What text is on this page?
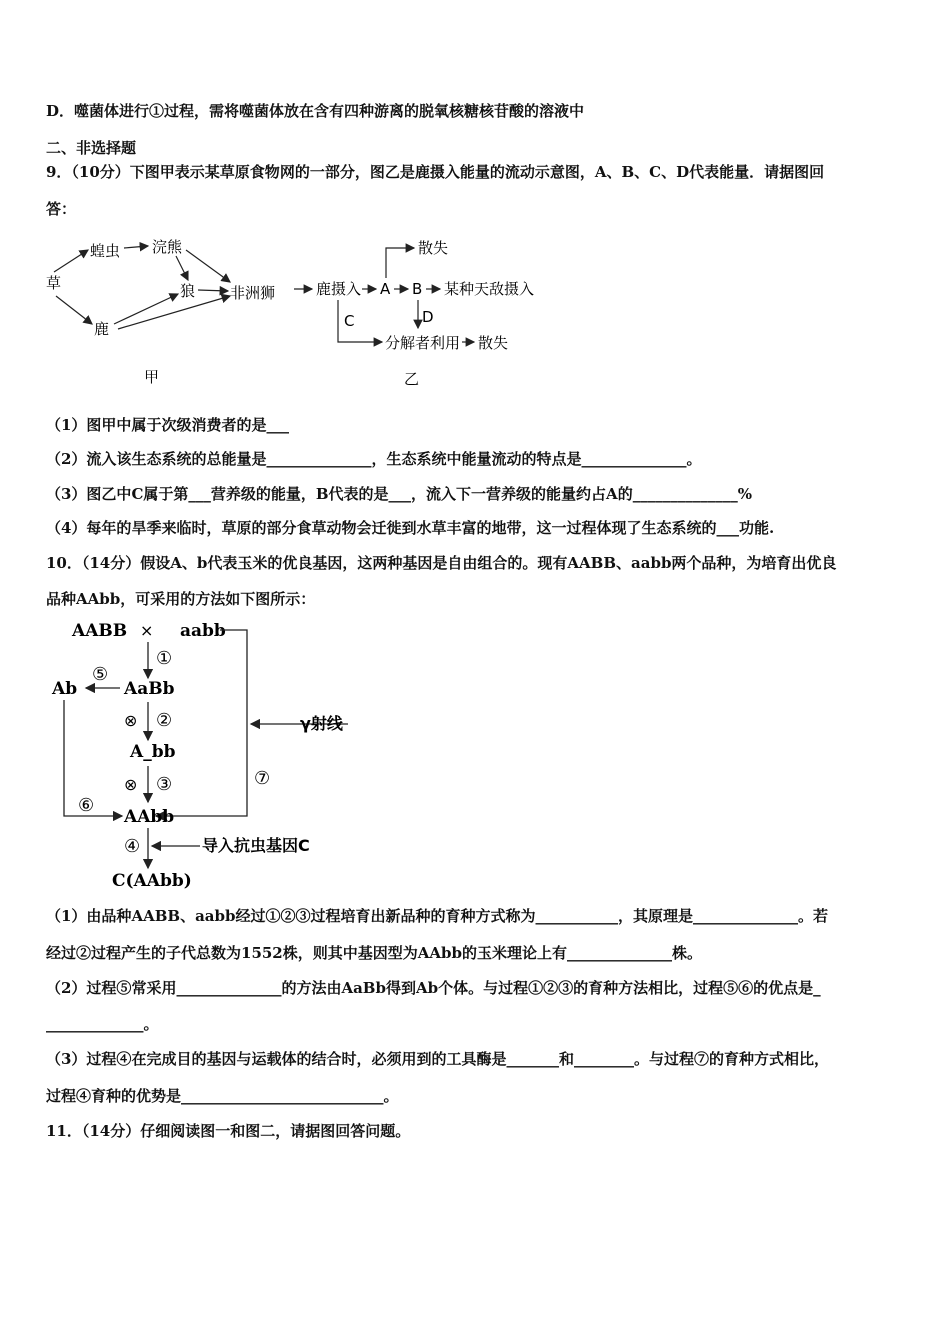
D．噬菌体进行①过程，需将噬菌体放在含有四种游离的脱氧核糖核苷酸的溶液中
二、非选择题
9．（10分）下图甲表示某草原食物网的一部分，图乙是鹿摄入能量的流动示意图，A、B、C、D代表能量．请据图回
答：
草
蝗虫 浣熊
狼 非洲狮
鹿
甲
鹿摄入 A B 某种天敌摄入
散失
C	D
分解者利用 散失
乙
（1）图甲中属于次级消费者的是___
（2）流入该生态系统的总能量是______________，生态系统中能量流动的特点是______________。
（3）图乙中C属于第___营养级的能量，B代表的是___，流入下一营养级的能量约占A的______________%
（4）每年的旱季来临时，草原的部分食草动物会迁徙到水草丰富的地带，这一过程体现了生态系统的___功能.
10．（14分）假设A、b代表玉米的优良基因，这两种基因是自由组合的。现有AABB、aabb两个品种，为培育出优良
品种AAbb，可采用的方法如下图所示：
AABB × aabb
⑦
γ射线
①
AaBb
⑤
Ab
⑥
⊗ ②
A_bb
⊗ ③
AAbb
④	导入抗虫基因C
C(AAbb)
（1）由品种AABB、aabb经过①②③过程培育出新品种的育种方式称为___________，其原理是______________。若
经过②过程产生的子代总数为1552株，则其中基因型为AAbb的玉米理论上有______________株。
（2）过程⑤常采用______________的方法由AaBb得到Ab个体。与过程①②③的育种方法相比，过程⑤⑥的优点是_
_____________。
（3）过程④在完成目的基因与运载体的结合时，必须用到的工具酶是_______和________。与过程⑦的育种方式相比，
过程④育种的优势是___________________________。
11．（14分）仔细阅读图一和图二，请据图回答问题。
